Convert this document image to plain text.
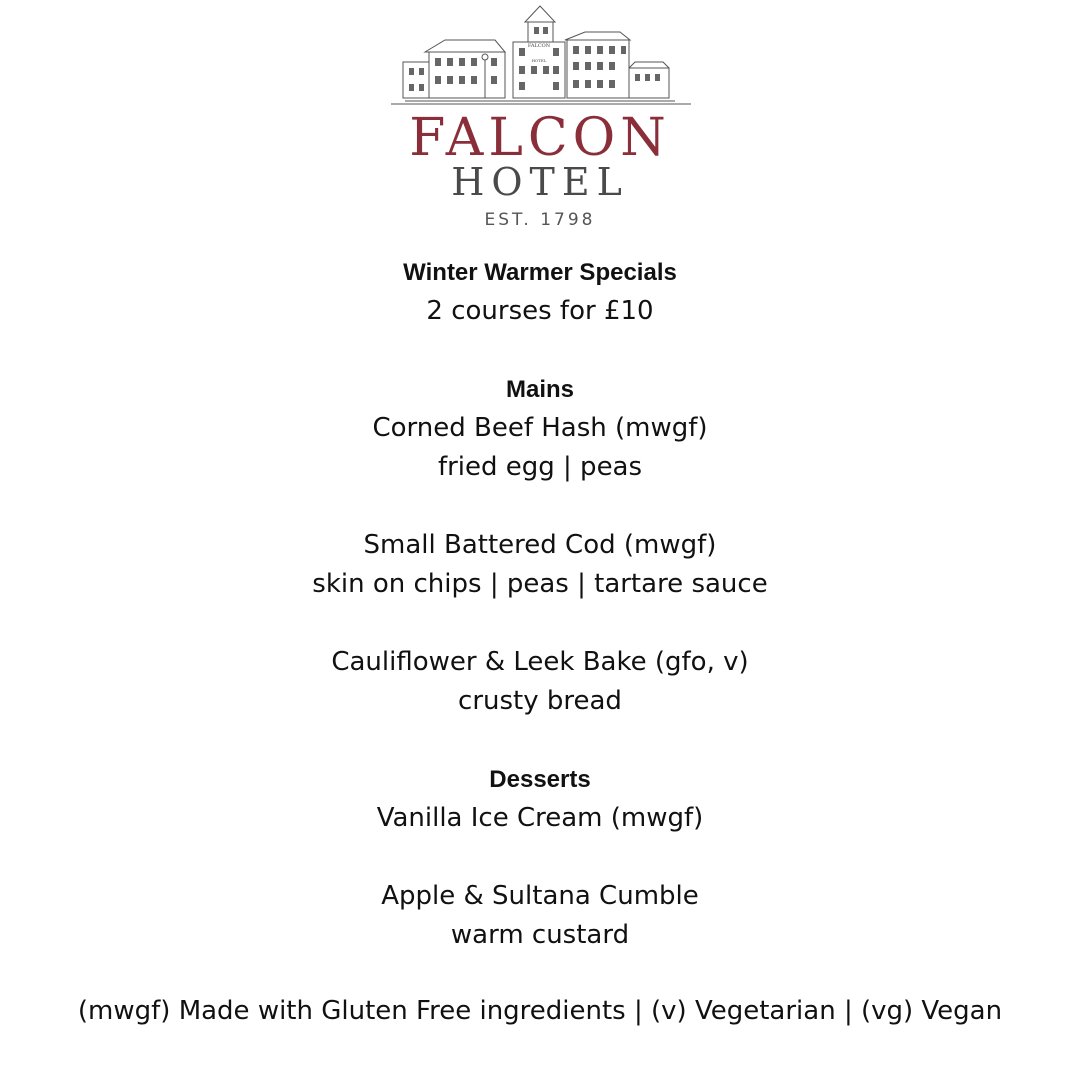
FALCON
HOTEL
FALCON
HOTEL
EST. 1798
Winter Warmer Specials
2 courses for £10
Mains
Corned Beef Hash (mwgf)
fried egg | peas
Small Battered Cod (mwgf)
skin on chips | peas | tartare sauce
Cauliflower & Leek Bake (gfo, v)
crusty bread
Desserts
Vanilla Ice Cream (mwgf)
Apple & Sultana Cumble
warm custard
(mwgf) Made with Gluten Free ingredients | (v) Vegetarian | (vg) Vegan
